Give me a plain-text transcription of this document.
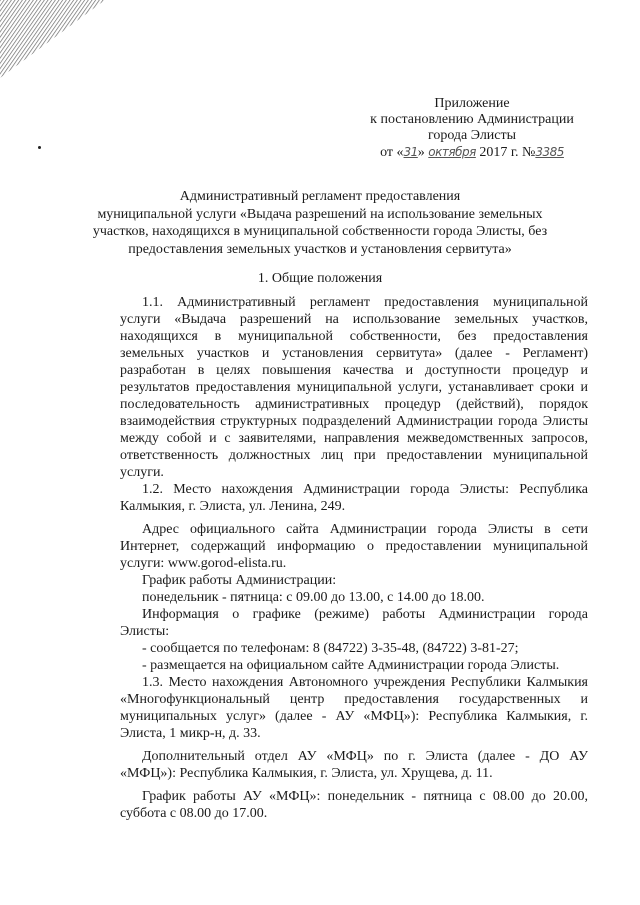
Приложение
к постановлению Администрации
города Элисты
от «31» октября 2017 г. №3385
Административный регламент предоставления
муниципальной услуги «Выдача разрешений на использование земельных
участков, находящихся в муниципальной собственности города Элисты, без
предоставления земельных участков и установления сервитута»
1. Общие положения
1.1. Административный регламент предоставления муниципальной
услуги «Выдача разрешений на использование земельных участков,
находящихся в муниципальной собственности, без предоставления
земельных участков и установления сервитута» (далее - Регламент)
разработан в целях повышения качества и доступности процедур и
результатов предоставления муниципальной услуги, устанавливает сроки и
последовательность административных процедур (действий), порядок
взаимодействия структурных подразделений Администрации города Элисты
между собой и с заявителями, направления межведомственных запросов,
ответственность должностных лиц при предоставлении муниципальной
услуги.
1.2. Место нахождения Администрации города Элисты: Республика
Калмыкия, г. Элиста, ул. Ленина, 249.
Адрес официального сайта Администрации города Элисты в сети
Интернет, содержащий информацию о предоставлении муниципальной
услуги: www.gorod-elista.ru.
График работы Администрации:
понедельник - пятница: с 09.00 до 13.00, с 14.00 до 18.00.
Информация о графике (режиме) работы Администрации города
Элисты:
- сообщается по телефонам: 8 (84722) 3-35-48, (84722) 3-81-27;
- размещается на официальном сайте Администрации города Элисты.
1.3. Место нахождения Автономного учреждения Республики Калмыкия
«Многофункциональный центр предоставления государственных и
муниципальных услуг» (далее - АУ «МФЦ»): Республика Калмыкия, г.
Элиста, 1 микр-н, д. 33.
Дополнительный отдел АУ «МФЦ» по г. Элиста (далее - ДО АУ
«МФЦ»): Республика Калмыкия, г. Элиста, ул. Хрущева, д. 11.
График работы АУ «МФЦ»: понедельник - пятница с 08.00 до 20.00,
суббота с 08.00 до 17.00.
